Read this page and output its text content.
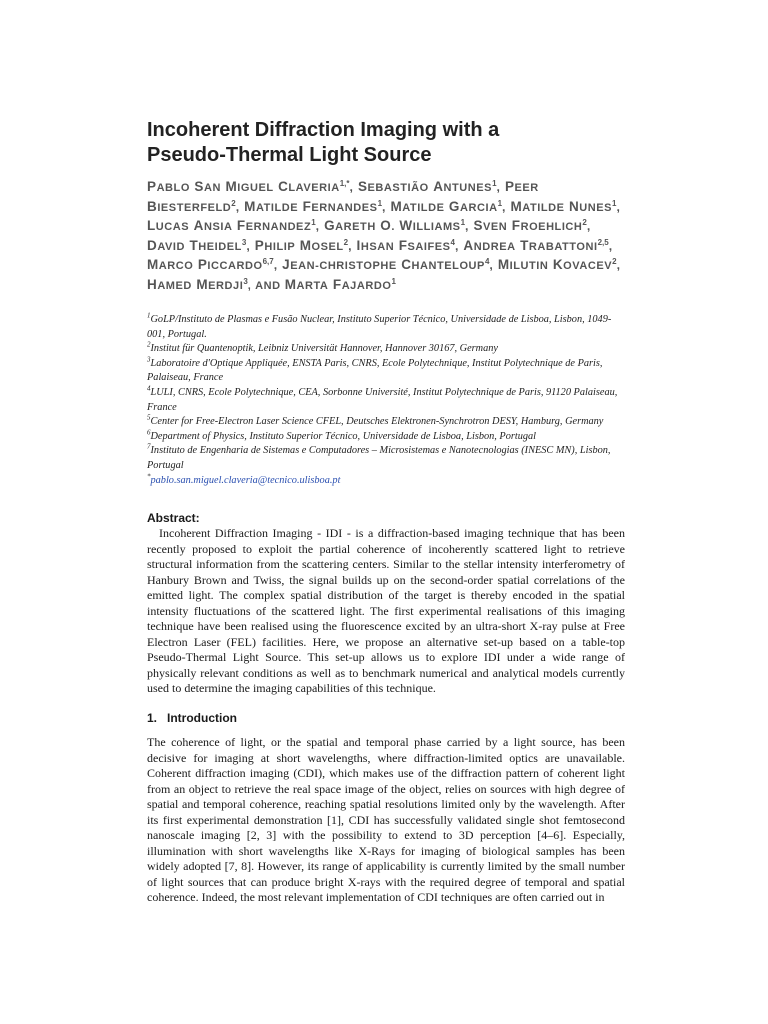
Incoherent Diffraction Imaging with a
Pseudo-Thermal Light Source

PABLO SAN MIGUEL $CLAVERIA^{1,*}$, SEBASTIÃO ANTUNES$^1$, PEER BIESTERFELD$^2$, MATILDE FERNANDES$^1$, MATILDE GARCIA$^1$, MATILDE NUNES$^1$, LUCAS ANSIA FERNANDEZ$^1$, GARETH O. WILLIAMS$^1$, SVEN FROEHLICH$^2$, DAVID THEIDEL$^3$, PHILIP MOSEL$^2$, IHSAN FSAIFES$^4$, ANDREA TRABATTONI$^{2,5}$, MARCO PICCARDO$^{6,7}$, JEAN-CHRISTOPHE CHANTELOUP$^4$, MILUTIN KOVACEV$^2$, HAMED MERDJI$^3$, AND MARTA FAJARDO$^1$

$^1$GoLP/Instituto de Plasmas e Fusão Nuclear, Instituto Superior Técnico, Universidade de Lisboa, Lisbon, 1049-001, Portugal.
$^2$Institut für Quantenoptik, Leibniz Universität Hannover, Hannover 30167, Germany
$^3$Laboratoire d'Optique Appliquée, ENSTA Paris, CNRS, Ecole Polytechnique, Institut Polytechnique de Paris, Palaiseau, France
$^4$LULI, CNRS, Ecole Polytechnique, CEA, Sorbonne Université, Institut Polytechnique de Paris, 91120 Palaiseau, France
$^5$Center for Free-Electron Laser Science CFEL, Deutsches Elektronen-Synchrotron DESY, Hamburg, Germany
$^6$Department of Physics, Instituto Superior Técnico, Universidade de Lisboa, Lisbon, Portugal
$^7$Instituto de Engenharia de Sistemas e Computadores – Microsistemas e Nanotecnologias (INESC MN), Lisbon, Portugal
*pablo.san.miguel.claveria@tecnico.ulisboa.pt
Abstract:

Incoherent Diffraction Imaging - IDI - is a diffraction-based imaging technique that has been recently proposed to exploit the partial coherence of incoherently scattered light to retrieve structural information from the scattering centers. Similar to the stellar intensity interferometry of Hanbury Brown and Twiss, the signal builds up on the second-order spatial correlations of the emitted light. The complex spatial distribution of the target is thereby encoded in the spatial intensity fluctuations of the scattered light. The first experimental realisations of this imaging technique have been realised using the fluorescence excited by an ultra-short X-ray pulse at Free Electron Laser (FEL) facilities. Here, we propose an alternative set-up based on a table-top Pseudo-Thermal Light Source. This set-up allows us to explore IDI under a wide range of physically relevant conditions as well as to benchmark numerical and analytical models currently used to determine the imaging capabilities of this technique.

1. Introduction

The coherence of light, or the spatial and temporal phase carried by a light source, has been decisive for imaging at short wavelengths, where diffraction-limited optics are unavailable. Coherent diffraction imaging (CDI), which makes use of the diffraction pattern of coherent light from an object to retrieve the real space image of the object, relies on sources with high degree of spatial and temporal coherence, reaching spatial resolutions limited only by the wavelength. After its first experimental demonstration [1], CDI has successfully validated single shot femtosecond nanoscale imaging [2, 3] with the possibility to extend to 3D perception [4–6]. Especially, illumination with short wavelengths like X-Rays for imaging of biological samples has been widely adopted [7, 8]. However, its range of applicability is currently limited by the small number of light sources that can produce bright X-rays with the required degree of temporal and spatial coherence. Indeed, the most relevant implementation of CDI techniques are often carried out in
